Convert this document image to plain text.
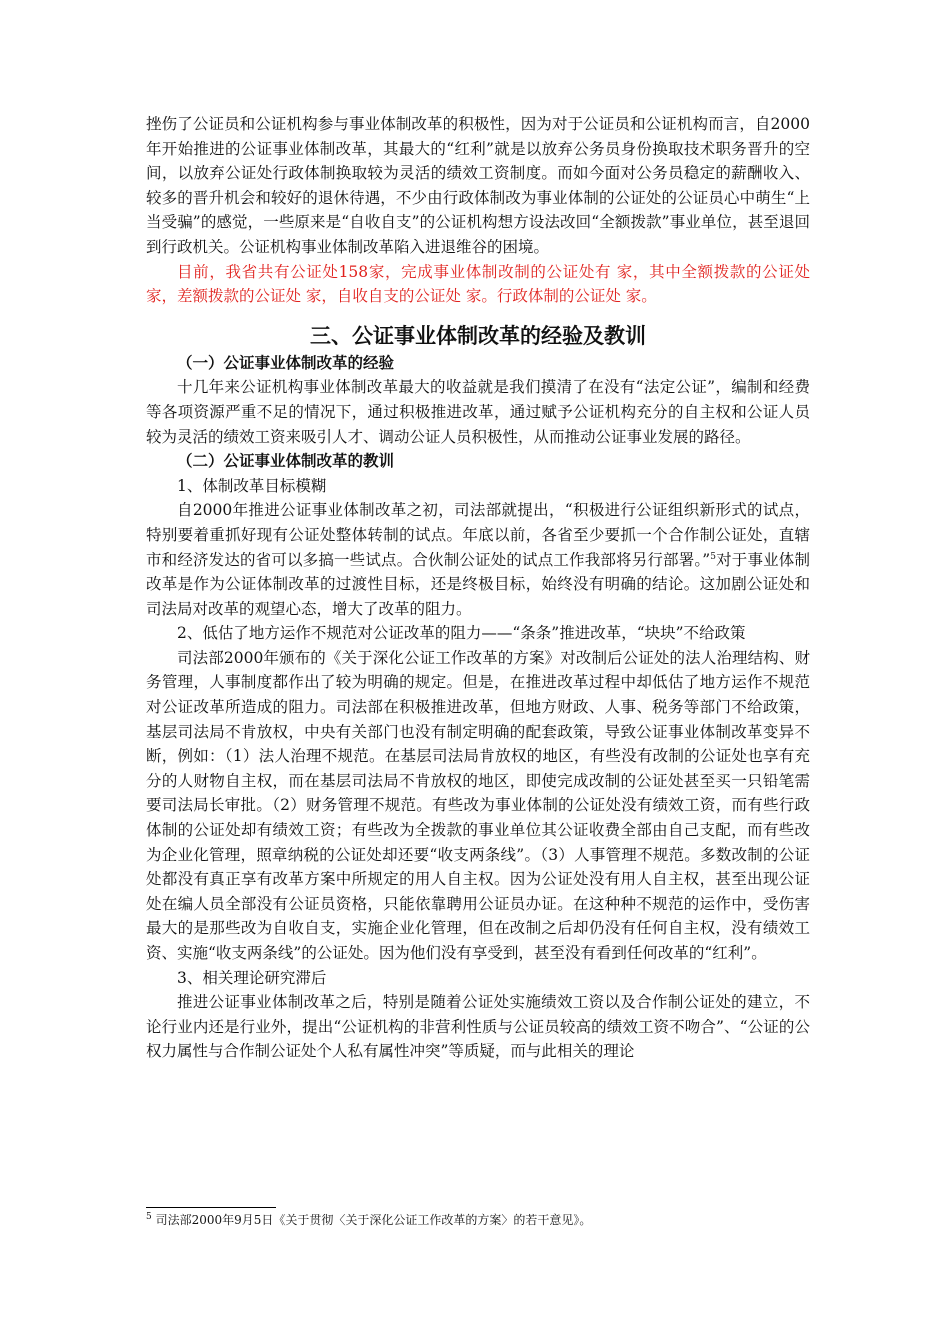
挫伤了公证员和公证机构参与事业体制改革的积极性，因为对于公证员和公证机构而言，自2000年开始推进的公证事业体制改革，其最大的“红利”就是以放弃公务员身份换取技术职务晋升的空间，以放弃公证处行政体制换取较为灵活的绩效工资制度。而如今面对公务员稳定的薪酬收入、较多的晋升机会和较好的退休待遇，不少由行政体制改为事业体制的公证处的公证员心中萌生“上当受骗”的感觉，一些原来是“自收自支”的公证机构想方设法改回“全额拨款”事业单位，甚至退回到行政机关。公证机构事业体制改革陷入进退维谷的困境。

目前，我省共有公证处158家，完成事业体制改制的公证处有 家，其中全额拨款的公证处 家，差额拨款的公证处 家，自收自支的公证处 家。行政体制的公证处 家。

三、公证事业体制改革的经验及教训

（一）公证事业体制改革的经验

十几年来公证机构事业体制改革最大的收益就是我们摸清了在没有“法定公证”，编制和经费等各项资源严重不足的情况下，通过积极推进改革，通过赋予公证机构充分的自主权和公证人员较为灵活的绩效工资来吸引人才、调动公证人员积极性，从而推动公证事业发展的路径。

（二）公证事业体制改革的教训

1、体制改革目标模糊

自2000年推进公证事业体制改革之初，司法部就提出，“积极进行公证组织新形式的试点，特别要着重抓好现有公证处整体转制的试点。年底以前，各省至少要抓一个合作制公证处，直辖市和经济发达的省可以多搞一些试点。合伙制公证处的试点工作我部将另行部署。”$^5$对于事业体制改革是作为公证体制改革的过渡性目标，还是终极目标，始终没有明确的结论。这加剧公证处和司法局对改革的观望心态，增大了改革的阻力。

2、低估了地方运作不规范对公证改革的阻力——“条条”推进改革，“块块”不给政策

司法部2000年颁布的《关于深化公证工作改革的方案》对改制后公证处的法人治理结构、财务管理，人事制度都作出了较为明确的规定。但是，在推进改革过程中却低估了地方运作不规范对公证改革所造成的阻力。司法部在积极推进改革，但地方财政、人事、税务等部门不给政策，基层司法局不肯放权，中央有关部门也没有制定明确的配套政策，导致公证事业体制改革变异不断，例如：（1）法人治理不规范。在基层司法局肯放权的地区，有些没有改制的公证处也享有充分的人财物自主权，而在基层司法局不肯放权的地区，即使完成改制的公证处甚至买一只铅笔需要司法局长审批。（2）财务管理不规范。有些改为事业体制的公证处没有绩效工资，而有些行政体制的公证处却有绩效工资；有些改为全拨款的事业单位其公证收费全部由自己支配，而有些改为企业化管理，照章纳税的公证处却还要“收支两条线”。（3）人事管理不规范。多数改制的公证处都没有真正享有改革方案中所规定的用人自主权。因为公证处没有用人自主权，甚至出现公证处在编人员全部没有公证员资格，只能依靠聘用公证员办证。在这种种不规范的运作中，受伤害最大的是那些改为自收自支，实施企业化管理，但在改制之后却仍没有任何自主权，没有绩效工资、实施“收支两条线”的公证处。因为他们没有享受到，甚至没有看到任何改革的“红利”。

3、相关理论研究滞后

推进公证事业体制改革之后，特别是随着公证处实施绩效工资以及合作制公证处的建立，不论行业内还是行业外，提出“公证机构的非营利性质与公证员较高的绩效工资不吻合”、“公证的公权力属性与合作制公证处个人私有属性冲突”等质疑，而与此相关的理论

$^5$ 司法部2000年9月5日《关于贯彻〈关于深化公证工作改革的方案〉的若干意见》。
